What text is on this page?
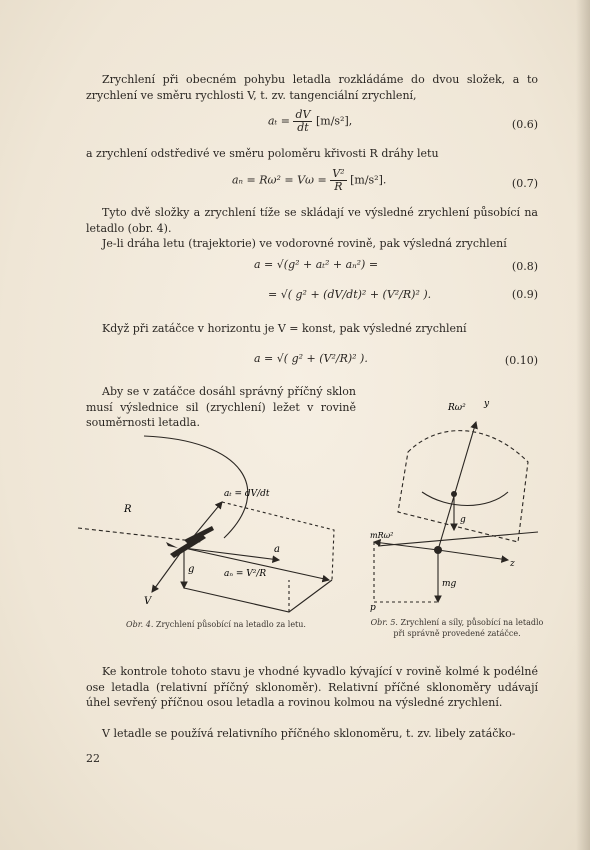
Zrychlení při obecném pohybu letadla rozkládáme do dvou složek, a to zrychlení ve směru rychlosti V, t. zv. tangenciální zrychlení,
$a_t = \frac{dV}{dt} [m/s^2]$,	(0.6)
a zrychlení odstředivé ve směru poloměru křivosti R dráhy letu
$a_n = R\omega^2 = V\omega = \frac{\text{V²}}{R} [m/s^2]$.	(0.7)
Tyto dvě složky a zrychlení tíže se skládají ve výsledné zrychlení působící na letadlo (obr. 4).
Je-li dráha letu (trajektorie) ve vodorovné rovině, pak výsledná zrychlení
a = √(g² + aₜ² + aₙ²) =	(0.8)
= √( g² + (dV/dt)² + (V²/R)² ).	(0.9)
Když při zatáčce v horizontu je V = konst, pak výsledné zrychlení
a = √( g² + (V²/R)² ).	(0.10)
Aby se v zatáčce dosáhl správný příčný sklon musí výslednice sil (zrychlení) ležet v rovině souměrnosti letadla.
R
aₜ = dV/dt
a
g	aₙ = V²/R
V
Rω² y
g
mRω²
mg
p
z
Obr. 4. Zrychlení působící na letadlo za letu.	Obr. 5. Zrychlení a síly, působící na letadlo při správně provedené zatáčce.
Ke kontrole tohoto stavu je vhodné kyvadlo kývající v rovině kolmé k podélné ose letadla (relativní příčný sklonoměr). Relativní příčné sklonoměry udávají úhel sevřený příčnou osou letadla a rovinou kolmou na výsledné zrychlení.
V letadle se používá relativního příčného sklonoměru, t. zv. libely zatáčko-
22
